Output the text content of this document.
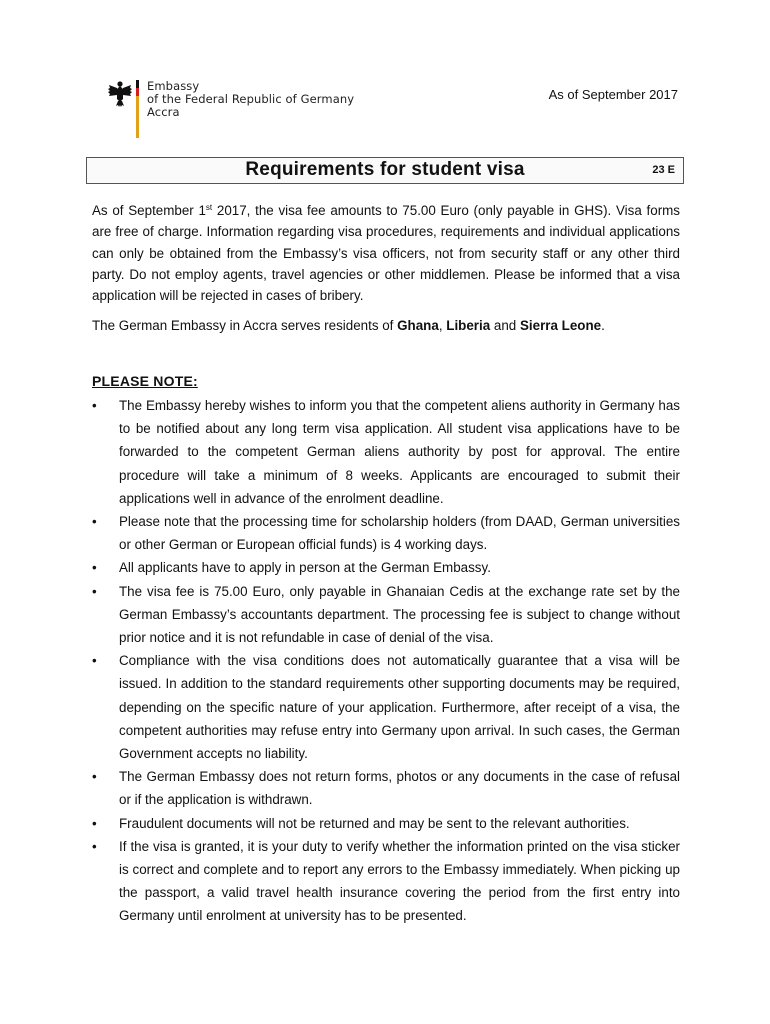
Embassy
of the Federal Republic of Germany
Accra
As of September 2017
Requirements for student visa	23 E
As of September 1st 2017, the visa fee amounts to 75.00 Euro (only payable in GHS). Visa forms are free of charge. Information regarding visa procedures, requirements and individual applications can only be obtained from the Embassy’s visa officers, not from security staff or any other third party. Do not employ agents, travel agencies or other middlemen. Please be informed that a visa application will be rejected in cases of bribery.
The German Embassy in Accra serves residents of Ghana, Liberia and Sierra Leone.
PLEASE NOTE:
• The Embassy hereby wishes to inform you that the competent aliens authority in Germany has to be notified about any long term visa application. All student visa applications have to be forwarded to the competent German aliens authority by post for approval. The entire procedure will take a minimum of 8 weeks. Applicants are encouraged to submit their applications well in advance of the enrolment deadline.
• Please note that the processing time for scholarship holders (from DAAD, German universities or other German or European official funds) is 4 working days.
• All applicants have to apply in person at the German Embassy.
• The visa fee is 75.00 Euro, only payable in Ghanaian Cedis at the exchange rate set by the German Embassy’s accountants department. The processing fee is subject to change without prior notice and it is not refundable in case of denial of the visa.
• Compliance with the visa conditions does not automatically guarantee that a visa will be issued. In addition to the standard requirements other supporting documents may be required, depending on the specific nature of your application. Furthermore, after receipt of a visa, the competent authorities may refuse entry into Germany upon arrival. In such cases, the German Government accepts no liability.
• The German Embassy does not return forms, photos or any documents in the case of refusal or if the application is withdrawn.
• Fraudulent documents will not be returned and may be sent to the relevant authorities.
• If the visa is granted, it is your duty to verify whether the information printed on the visa sticker is correct and complete and to report any errors to the Embassy immediately. When picking up the passport, a valid travel health insurance covering the period from the first entry into Germany until enrolment at university has to be presented.
